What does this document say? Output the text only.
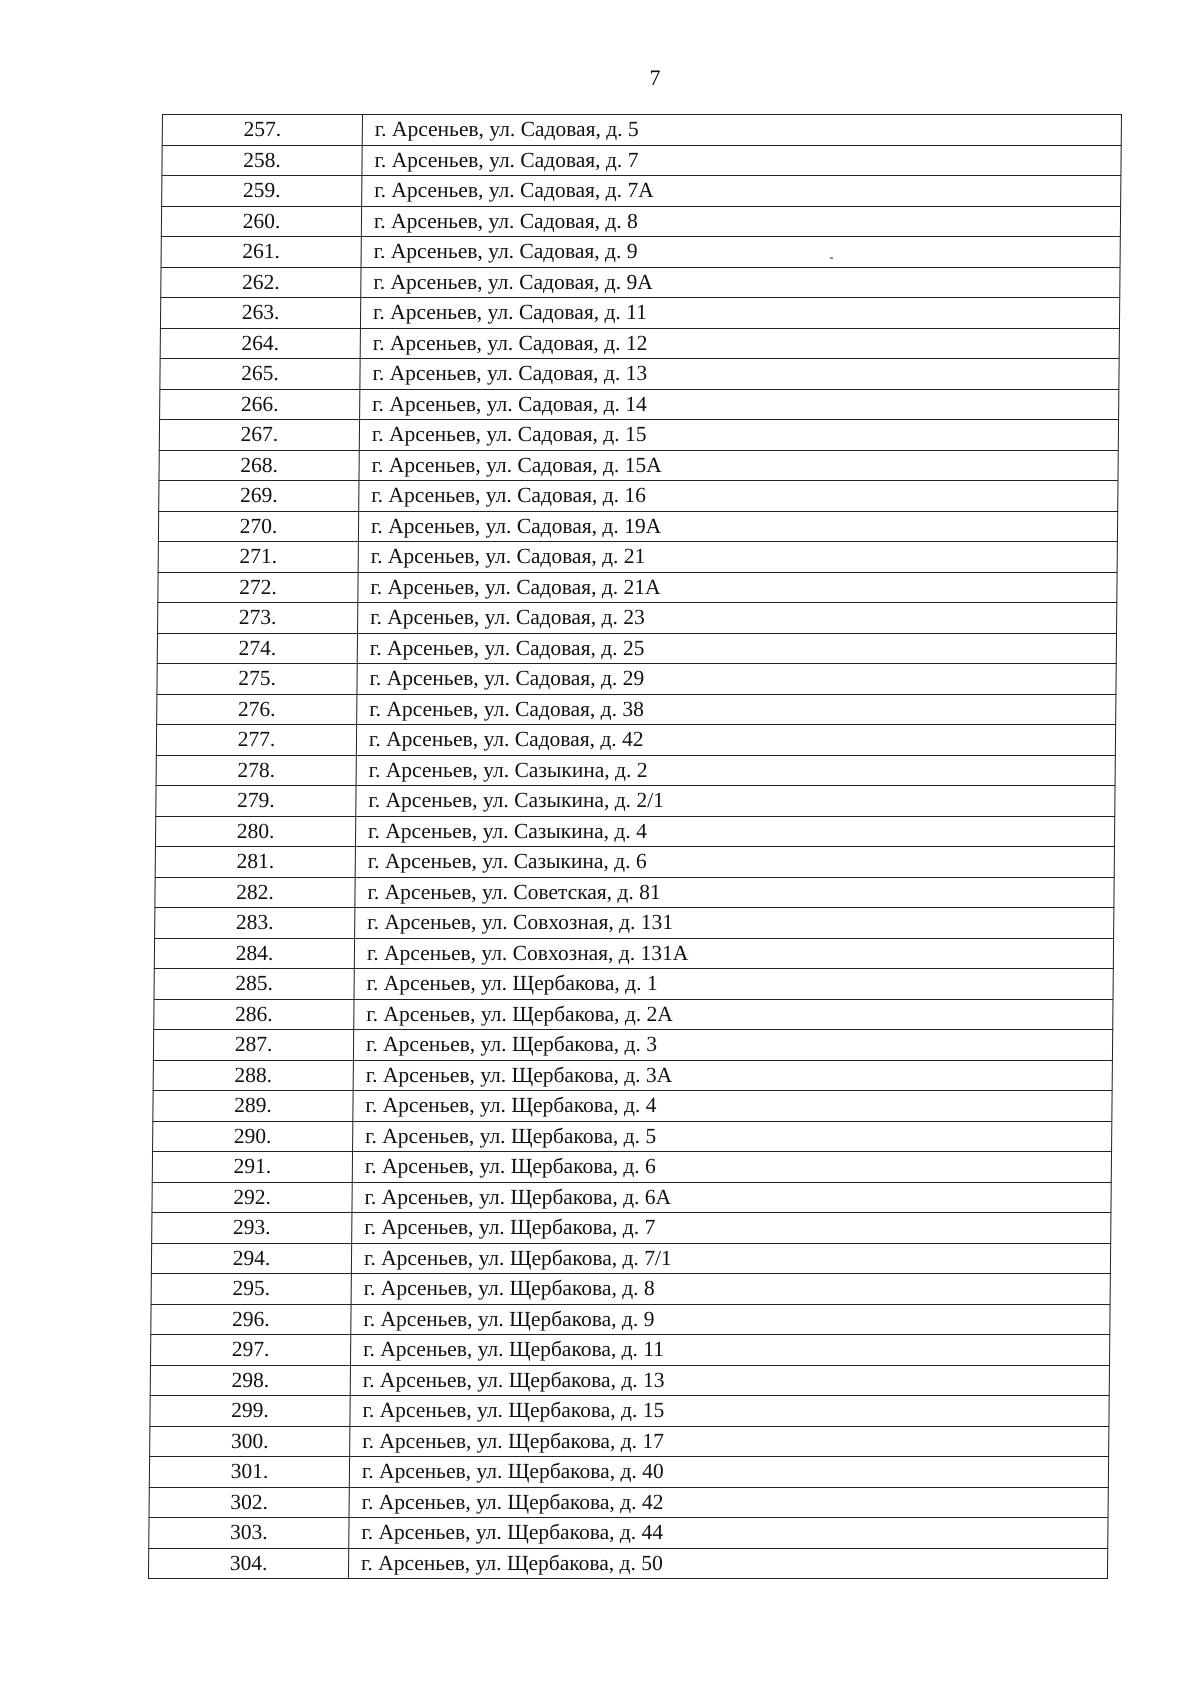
7
257.	г. Арсеньев, ул. Садовая, д. 5
258.	г. Арсеньев, ул. Садовая, д. 7
259.	г. Арсеньев, ул. Садовая, д. 7А
260.	г. Арсеньев, ул. Садовая, д. 8
261.	г. Арсеньев, ул. Садовая, д. 9
262.	г. Арсеньев, ул. Садовая, д. 9А
263.	г. Арсеньев, ул. Садовая, д. 11
264.	г. Арсеньев, ул. Садовая, д. 12
265.	г. Арсеньев, ул. Садовая, д. 13
266.	г. Арсеньев, ул. Садовая, д. 14
267.	г. Арсеньев, ул. Садовая, д. 15
268.	г. Арсеньев, ул. Садовая, д. 15А
269.	г. Арсеньев, ул. Садовая, д. 16
270.	г. Арсеньев, ул. Садовая, д. 19А
271.	г. Арсеньев, ул. Садовая, д. 21
272.	г. Арсеньев, ул. Садовая, д. 21А
273.	г. Арсеньев, ул. Садовая, д. 23
274.	г. Арсеньев, ул. Садовая, д. 25
275.	г. Арсеньев, ул. Садовая, д. 29
276.	г. Арсеньев, ул. Садовая, д. 38
277.	г. Арсеньев, ул. Садовая, д. 42
278.	г. Арсеньев, ул. Сазыкина, д. 2
279.	г. Арсеньев, ул. Сазыкина, д. 2/1
280.	г. Арсеньев, ул. Сазыкина, д. 4
281.	г. Арсеньев, ул. Сазыкина, д. 6
282.	г. Арсеньев, ул. Советская, д. 81
283.	г. Арсеньев, ул. Совхозная, д. 131
284.	г. Арсеньев, ул. Совхозная, д. 131А
285.	г. Арсеньев, ул. Щербакова, д. 1
286.	г. Арсеньев, ул. Щербакова, д. 2А
287.	г. Арсеньев, ул. Щербакова, д. 3
288.	г. Арсеньев, ул. Щербакова, д. 3А
289.	г. Арсеньев, ул. Щербакова, д. 4
290.	г. Арсеньев, ул. Щербакова, д. 5
291.	г. Арсеньев, ул. Щербакова, д. 6
292.	г. Арсеньев, ул. Щербакова, д. 6А
293.	г. Арсеньев, ул. Щербакова, д. 7
294.	г. Арсеньев, ул. Щербакова, д. 7/1
295.	г. Арсеньев, ул. Щербакова, д. 8
296.	г. Арсеньев, ул. Щербакова, д. 9
297.	г. Арсеньев, ул. Щербакова, д. 11
298.	г. Арсеньев, ул. Щербакова, д. 13
299.	г. Арсеньев, ул. Щербакова, д. 15
300.	г. Арсеньев, ул. Щербакова, д. 17
301.	г. Арсеньев, ул. Щербакова, д. 40
302.	г. Арсеньев, ул. Щербакова, д. 42
303.	г. Арсеньев, ул. Щербакова, д. 44
304.	г. Арсеньев, ул. Щербакова, д. 50
